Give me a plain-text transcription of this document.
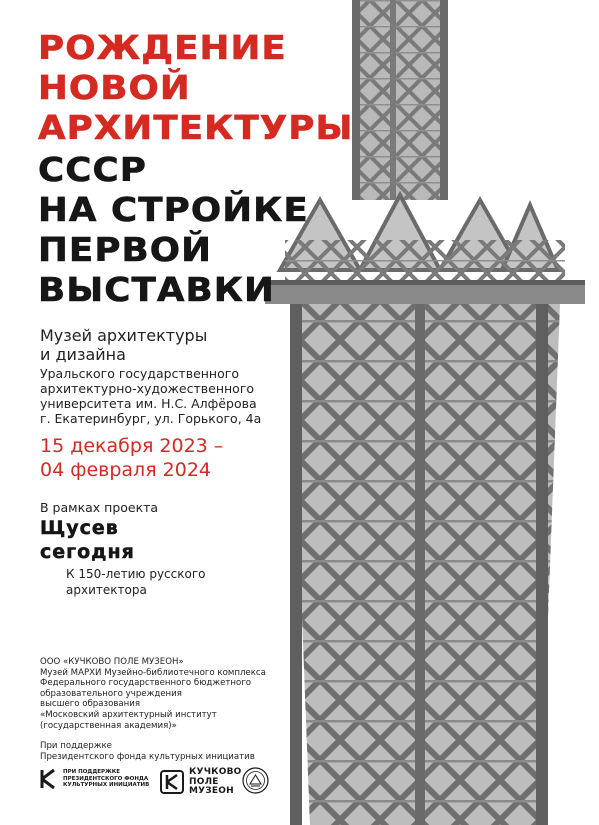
РОЖДЕНИЕ
НОВОЙ
АРХИТЕКТУРЫ
СССР
НА СТРОЙКЕ
ПЕРВОЙ
ВЫСТАВКИ
Музей архитектуры
и дизайна
Уральского государственного
архитектурно-художественного
университета им. Н.С. Алфёрова
г. Екатеринбург, ул. Горького, 4а
15 декабря 2023 –
04 февраля 2024
В рамках проекта
Щусев
сегодня
К 150-летию русского
архитектора
ООО «КУЧКОВО ПОЛЕ МУЗЕОН»
Музей МАРХИ Музейно-библиотечного комплекса
Федерального государственного бюджетного
образовательного учреждения
высшего образования
«Московский архитектурный институт
(государственная академия)»
При поддержке
Президентского фонда культурных инициатив
ПРИ ПОДДЕРЖКЕ
ПРЕЗИДЕНТСКОГО ФОНДА
КУЛЬТУРНЫХ ИНИЦИАТИВ
КУЧКОВО
ПОЛЕ
МУЗЕОН
